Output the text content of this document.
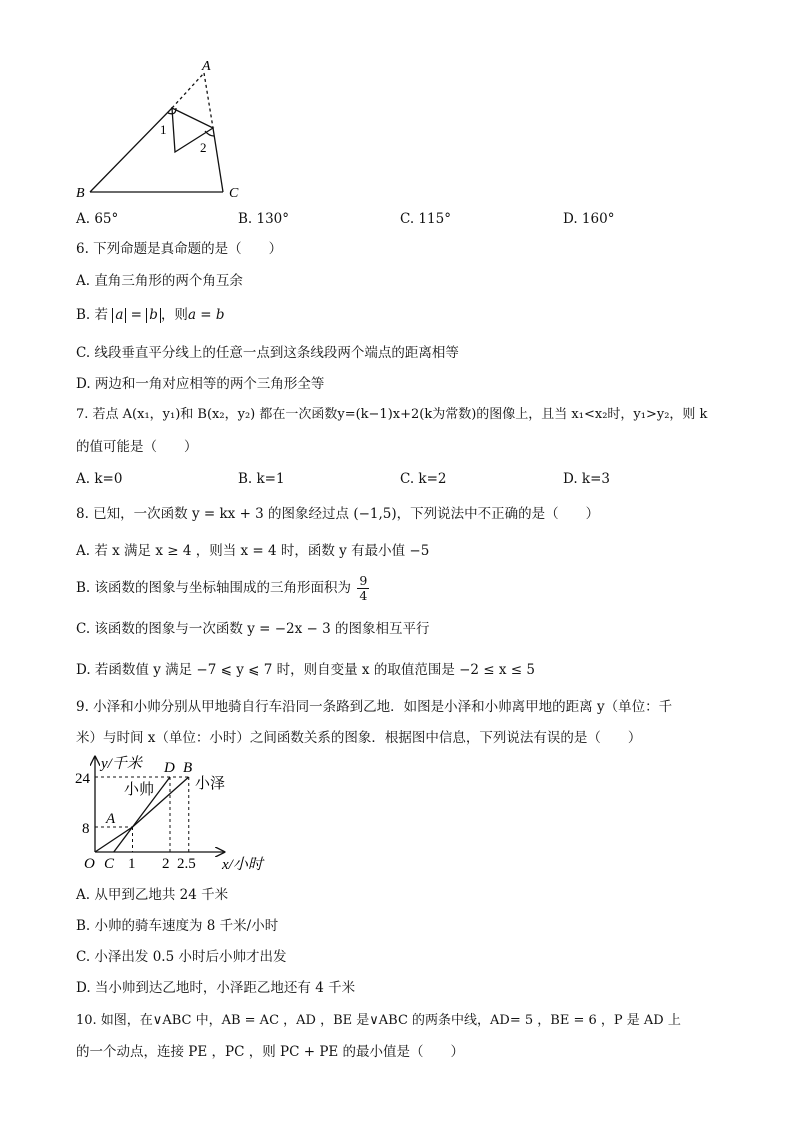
A
B	C
1
2
A. 65°	B. 130°	C. 115°	D. 160°
6. 下列命题是真命题的是（　　）
A. 直角三角形的两个角互余
B. 若 a = b ，则a = b
C. 线段垂直平分线上的任意一点到这条线段两个端点的距离相等
D. 两边和一角对应相等的两个三角形全等
7. 若点 A(x₁，y₁)和 B(x₂，y₂) 都在一次函数y=(k−1)x+2(k为常数)的图像上，且当 x₁<x₂时，y₁>y₂，则 k
的值可能是（　　）
A. k=0	B. k=1	C. k=2	D. k=3
8. 已知，一次函数 y = kx + 3 的图象经过点 (−1,5)，下列说法中不正确的是（　　）
A. 若 x 满足 x ≥ 4 ，则当 x = 4 时，函数 y 有最小值 −5
B. 该函数的图象与坐标轴围成的三角形面积为 $\frac{9}{4}$
C. 该函数的图象与一次函数 y = −2x − 3 的图象相互平行
D. 若函数值 y 满足 −7 ⩽ y ⩽ 7 时，则自变量 x 的取值范围是 −2 ≤ x ≤ 5
9. 小泽和小帅分别从甲地骑自行车沿同一条路到乙地．如图是小泽和小帅离甲地的距离 y（单位：千
米）与时间 x（单位：小时）之间函数关系的图象．根据图中信息，下列说法有误的是（　　）
y/千米
x/小时
O C
A
D B
小帅	小泽
24
8
1 2 2.5
A. 从甲到乙地共 24 千米
B. 小帅的骑车速度为 8 千米/小时
C. 小泽出发 0.5 小时后小帅才出发
D. 当小帅到达乙地时，小泽距乙地还有 4 千米
10. 如图，在∨ABC 中，AB = AC ，AD ，BE 是∨ABC 的两条中线，AD= 5 ，BE = 6 ，P 是 AD 上
的一个动点，连接 PE ，PC ，则 PC + PE 的最小值是（　　）
